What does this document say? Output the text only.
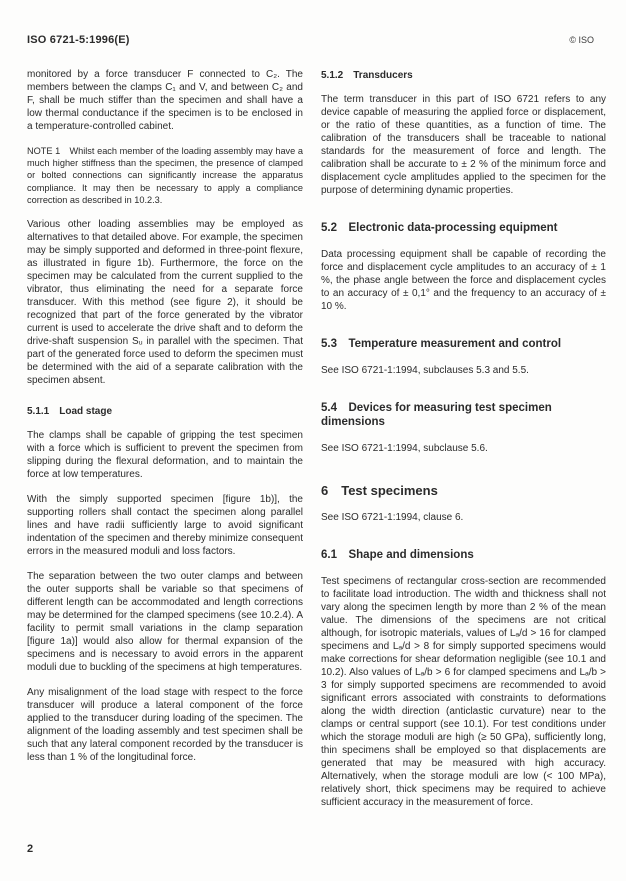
ISO 6721-5:1996(E)	© ISO

monitored by a force transducer F connected to C₂. The members between the clamps C₁ and V, and between C₂ and F, shall be much stiffer than the specimen and shall have a low thermal conductance if the specimen is to be enclosed in a temperature-controlled cabinet.

NOTE 1 Whilst each member of the loading assembly may have a much higher stiffness than the specimen, the presence of clamped or bolted connections can significantly increase the apparatus compliance. It may then be necessary to apply a compliance correction as described in 10.2.3.

Various other loading assemblies may be employed as alternatives to that detailed above. For example, the specimen may be simply supported and deformed in three-point flexure, as illustrated in figure 1b). Furthermore, the force on the specimen may be calculated from the current supplied to the vibrator, thus eliminating the need for a separate force transducer. With this method (see figure 2), it should be recognized that part of the force generated by the vibrator current is used to accelerate the drive shaft and to deform the drive-shaft suspension Sᵤ in parallel with the specimen. That part of the generated force used to deform the specimen must be determined with the aid of a separate calibration with the specimen absent.

5.1.1 Load stage

The clamps shall be capable of gripping the test specimen with a force which is sufficient to prevent the specimen from slipping during the flexural deformation, and to maintain the force at low temperatures.

With the simply supported specimen [figure 1b)], the supporting rollers shall contact the specimen along parallel lines and have radii sufficiently large to avoid significant indentation of the specimen and thereby minimize consequent errors in the measured moduli and loss factors.

The separation between the two outer clamps and between the outer supports shall be variable so that specimens of different length can be accommodated and length corrections may be determined for the clamped specimens (see 10.2.4). A facility to permit small variations in the clamp separation [figure 1a)] would also allow for thermal expansion of the specimens and is necessary to avoid errors in the apparent moduli due to buckling of the specimens at high temperatures.

Any misalignment of the load stage with respect to the force transducer will produce a lateral component of the force applied to the transducer during loading of the specimen. The alignment of the loading assembly and test specimen shall be such that any lateral component recorded by the transducer is less than 1 % of the longitudinal force.

5.1.2 Transducers

The term transducer in this part of ISO 6721 refers to any device capable of measuring the applied force or displacement, or the ratio of these quantities, as a function of time. The calibration of the transducers shall be traceable to national standards for the measurement of force and length. The calibration shall be accurate to ± 2 % of the minimum force and displacement cycle amplitudes applied to the specimen for the purpose of determining dynamic properties.

5.2 Electronic data-processing equipment

Data processing equipment shall be capable of recording the force and displacement cycle amplitudes to an accuracy of ± 1 %, the phase angle between the force and displacement cycles to an accuracy of ± 0,1° and the frequency to an accuracy of ± 10 %.

5.3 Temperature measurement and control

See ISO 6721-1:1994, subclauses 5.3 and 5.5.

5.4 Devices for measuring test specimen dimensions

See ISO 6721-1:1994, subclause 5.6.

6 Test specimens

See ISO 6721-1:1994, clause 6.

6.1 Shape and dimensions

Test specimens of rectangular cross-section are recommended to facilitate load introduction. The width and thickness shall not vary along the specimen length by more than 2 % of the mean value. The dimensions of the specimens are not critical although, for isotropic materials, values of Lₐ/d > 16 for clamped specimens and Lₐ/d > 8 for simply supported specimens would make corrections for shear deformation negligible (see 10.1 and 10.2). Also values of Lₐ/b > 6 for clamped specimens and Lₐ/b > 3 for simply supported specimens are recommended to avoid significant errors associated with constraints to deformations along the width direction (anticlastic curvature) near to the clamps or central support (see 10.1). For test conditions under which the storage moduli are high (≥ 50 GPa), sufficiently long, thin specimens shall be employed so that displacements are generated that may be measured with high accuracy. Alternatively, when the storage moduli are low (< 100 MPa), relatively short, thick specimens may be required to achieve sufficient accuracy in the measurement of force.

2
